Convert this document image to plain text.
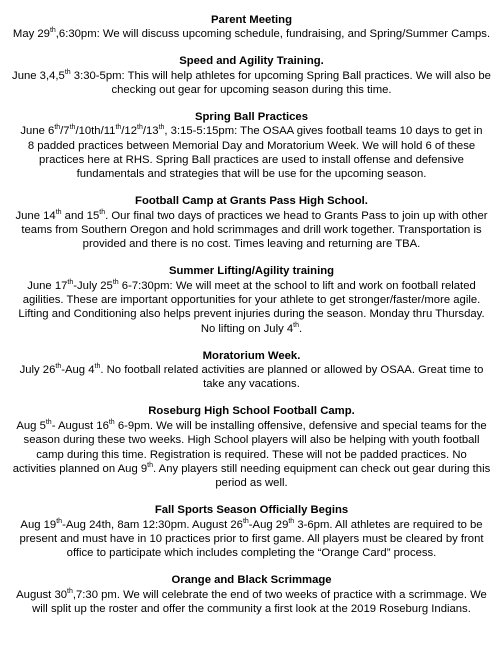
Parent Meeting
May 29th,6:30pm: We will discuss upcoming schedule, fundraising, and Spring/Summer Camps.
Speed and Agility Training.
June 3,4,5th 3:30-5pm: This will help athletes for upcoming Spring Ball practices. We will also be
checking out gear for upcoming season during this time.
Spring Ball Practices
June 6th/7th/10th/11th/12th/13th, 3:15-5:15pm: The OSAA gives football teams 10 days to get in
8 padded practices between Memorial Day and Moratorium Week. We will hold 6 of these
practices here at RHS. Spring Ball practices are used to install offense and defensive
fundamentals and strategies that will be use for the upcoming season.
Football Camp at Grants Pass High School.
June 14th and 15th. Our final two days of practices we head to Grants Pass to join up with other
teams from Southern Oregon and hold scrimmages and drill work together. Transportation is
provided and there is no cost. Times leaving and returning are TBA.
Summer Lifting/Agility training
June 17th-July 25th 6-7:30pm: We will meet at the school to lift and work on football related
agilities. These are important opportunities for your athlete to get stronger/faster/more agile.
Lifting and Conditioning also helps prevent injuries during the season. Monday thru Thursday.
No lifting on July 4th.
Moratorium Week.
July 26th-Aug 4th. No football related activities are planned or allowed by OSAA. Great time to
take any vacations.
Roseburg High School Football Camp.
Aug 5th- August 16th 6-9pm. We will be installing offensive, defensive and special teams for the
season during these two weeks. High School players will also be helping with youth football
camp during this time. Registration is required. These will not be padded practices. No
activities planned on Aug 9th. Any players still needing equipment can check out gear during this
period as well.
Fall Sports Season Officially Begins
Aug 19th-Aug 24th, 8am 12:30pm. August 26th-Aug 29th 3-6pm. All athletes are required to be
present and must have in 10 practices prior to first game. All players must be cleared by front
office to participate which includes completing the “Orange Card” process.
Orange and Black Scrimmage
August 30th,7:30 pm. We will celebrate the end of two weeks of practice with a scrimmage. We
will split up the roster and offer the community a first look at the 2019 Roseburg Indians.
